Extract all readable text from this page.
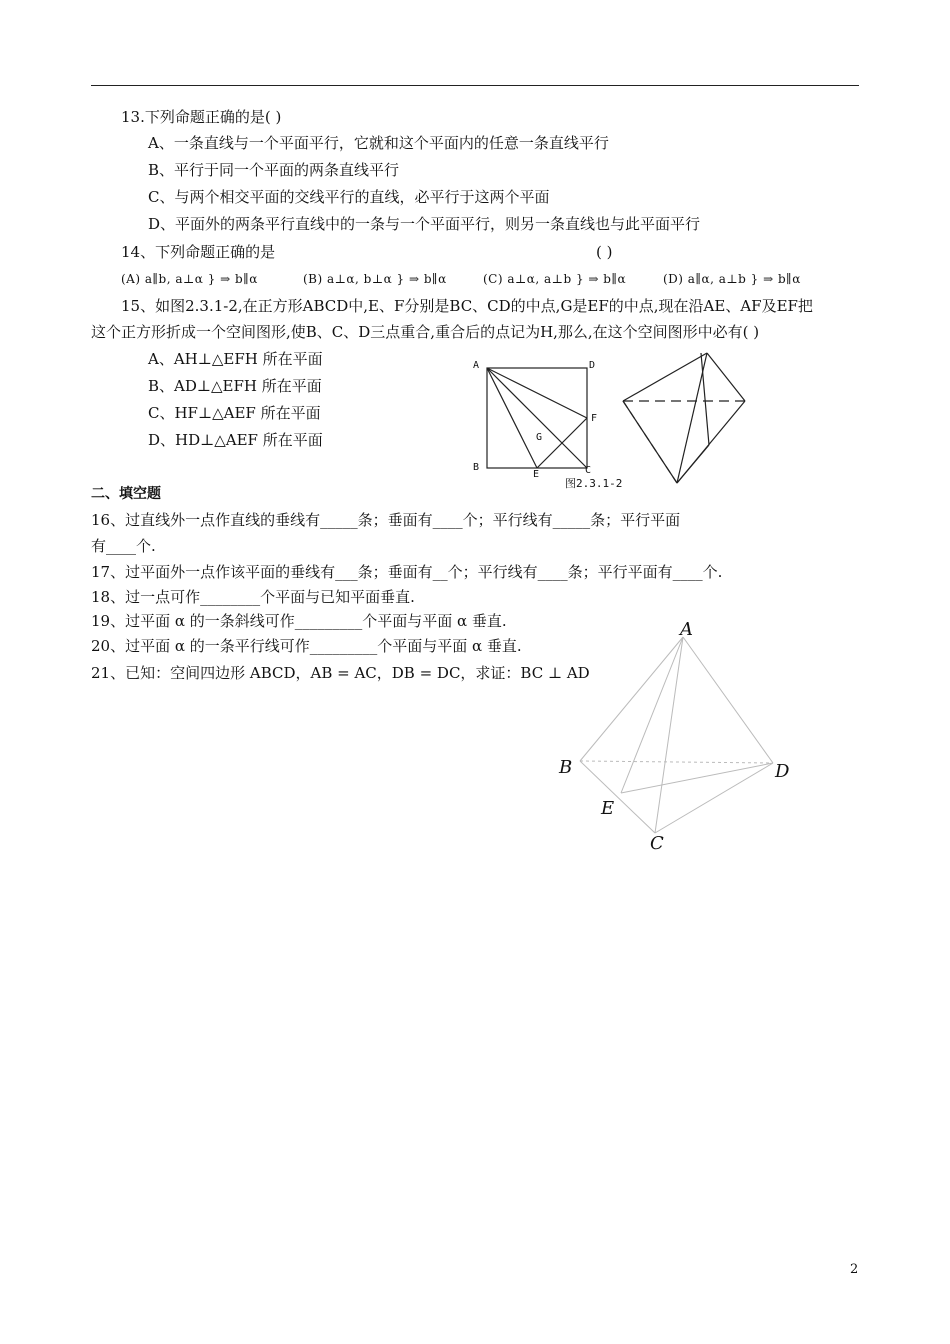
13.下列命题正确的是( )
A、一条直线与一个平面平行，它就和这个平面内的任意一条直线平行
B、平行于同一个平面的两条直线平行
C、与两个相交平面的交线平行的直线，必平行于这两个平面
D、平面外的两条平行直线中的一条与一个平面平行，则另一条直线也与此平面平行
14、下列命题正确的是	( )
(A) a∥b, a⊥α } ⇒ b∥α	(B) a⊥α, b⊥α } ⇒ b∥α	(C) a⊥α, a⊥b } ⇒ b∥α	(D) a∥α, a⊥b } ⇒ b∥α
15、如图2.3.1-2,在正方形ABCD中,E、F分别是BC、CD的中点,G是EF的中点,现在沿AE、AF及EF把
这个正方形折成一个空间图形,使B、C、D三点重合,重合后的点记为H,那么,在这个空间图形中必有( )
A、AH⊥△EFH 所在平面
B、AD⊥△EFH 所在平面
C、HF⊥△AEF 所在平面
D、HD⊥△AEF 所在平面
A	D
F
G
B
E	C
图2.3.1-2
二、填空题
16、过直线外一点作直线的垂线有_____条；垂面有____个；平行线有_____条；平行平面
有____个.
17、过平面外一点作该平面的垂线有___条；垂面有__个；平行线有____条；平行平面有____个.
18、过一点可作________个平面与已知平面垂直.
19、过平面 α 的一条斜线可作_________个平面与平面 α 垂直.
20、过平面 α 的一条平行线可作_________个平面与平面 α 垂直.
21、已知：空间四边形 ABCD，AB = AC，DB = DC，求证：BC ⊥ AD
A
B	D
E
C
2
